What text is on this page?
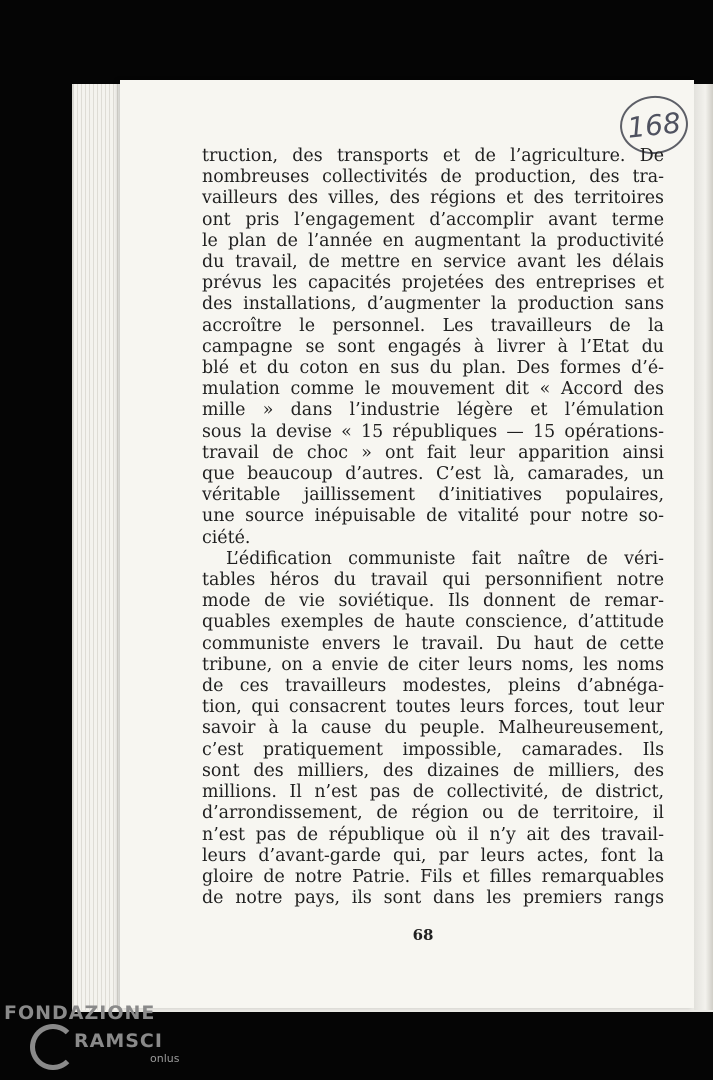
168
truction, des transports et de l’agriculture. De
nombreuses collectivités de production, des tra-
vailleurs des villes, des régions et des territoires
ont pris l’engagement d’accomplir avant terme
le plan de l’année en augmentant la productivité
du travail, de mettre en service avant les délais
prévus les capacités projetées des entreprises et
des installations, d’augmenter la production sans
accroître le personnel. Les travailleurs de la
campagne se sont engagés à livrer à l’Etat du
blé et du coton en sus du plan. Des formes d’é-
mulation comme le mouvement dit « Accord des
mille » dans l’industrie légère et l’émulation
sous la devise « 15 républiques — 15 opérations-
travail de choc » ont fait leur apparition ainsi
que beaucoup d’autres. C’est là, camarades, un
véritable jaillissement d’initiatives populaires,
une source inépuisable de vitalité pour notre so-
ciété.
L’édification communiste fait naître de véri-
tables héros du travail qui personnifient notre
mode de vie soviétique. Ils donnent de remar-
quables exemples de haute conscience, d’attitude
communiste envers le travail. Du haut de cette
tribune, on a envie de citer leurs noms, les noms
de ces travailleurs modestes, pleins d’abnéga-
tion, qui consacrent toutes leurs forces, tout leur
savoir à la cause du peuple. Malheureusement,
c’est pratiquement impossible, camarades. Ils
sont des milliers, des dizaines de milliers, des
millions. Il n’est pas de collectivité, de district,
d’arrondissement, de région ou de territoire, il
n’est pas de république où il n’y ait des travail-
leurs d’avant-garde qui, par leurs actes, font la
gloire de notre Patrie. Fils et filles remarquables
de notre pays, ils sont dans les premiers rangs
68
FONDAZIONE
RAMSCI
onlus
